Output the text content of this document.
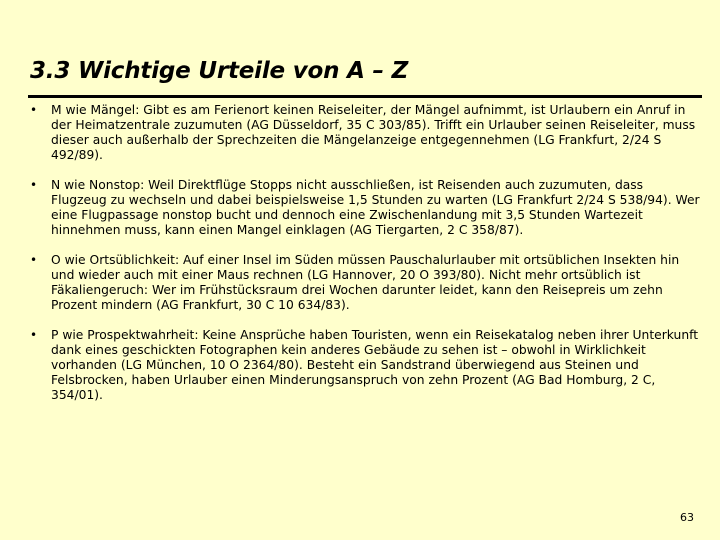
3.3 Wichtige Urteile von A – Z
• M wie Mängel: Gibt es am Ferienort keinen Reiseleiter, der Mängel aufnimmt, ist Urlaubern ein Anruf in der Heimatzentrale zuzumuten (AG Düsseldorf, 35 C 303/85). Trifft ein Urlauber seinen Reiseleiter, muss dieser auch außerhalb der Sprechzeiten die Mängelanzeige entgegennehmen (LG Frankfurt, 2/24 S 492/89).
• N wie Nonstop: Weil Direktflüge Stopps nicht ausschließen, ist Reisenden auch zuzumuten, dass Flugzeug zu wechseln und dabei beispielsweise 1,5 Stunden zu warten (LG Frankfurt 2/24 S 538/94). Wer eine Flugpassage nonstop bucht und dennoch eine Zwischenlandung mit 3,5 Stunden Wartezeit hinnehmen muss, kann einen Mangel einklagen (AG Tiergarten, 2 C 358/87).
• O wie Ortsüblichkeit: Auf einer Insel im Süden müssen Pauschalurlauber mit ortsüblichen Insekten hin und wieder auch mit einer Maus rechnen (LG Hannover, 20 O 393/80). Nicht mehr ortsüblich ist Fäkaliengeruch: Wer im Frühstücksraum drei Wochen darunter leidet, kann den Reisepreis um zehn Prozent mindern (AG Frankfurt, 30 C 10 634/83).
• P wie Prospektwahrheit: Keine Ansprüche haben Touristen, wenn ein Reisekatalog neben ihrer Unterkunft dank eines geschickten Fotographen kein anderes Gebäude zu sehen ist – obwohl in Wirklichkeit vorhanden (LG München, 10 O 2364/80). Besteht ein Sandstrand überwiegend aus Steinen und Felsbrocken, haben Urlauber einen Minderungsanspruch von zehn Prozent (AG Bad Homburg, 2 C, 354/01).
63
